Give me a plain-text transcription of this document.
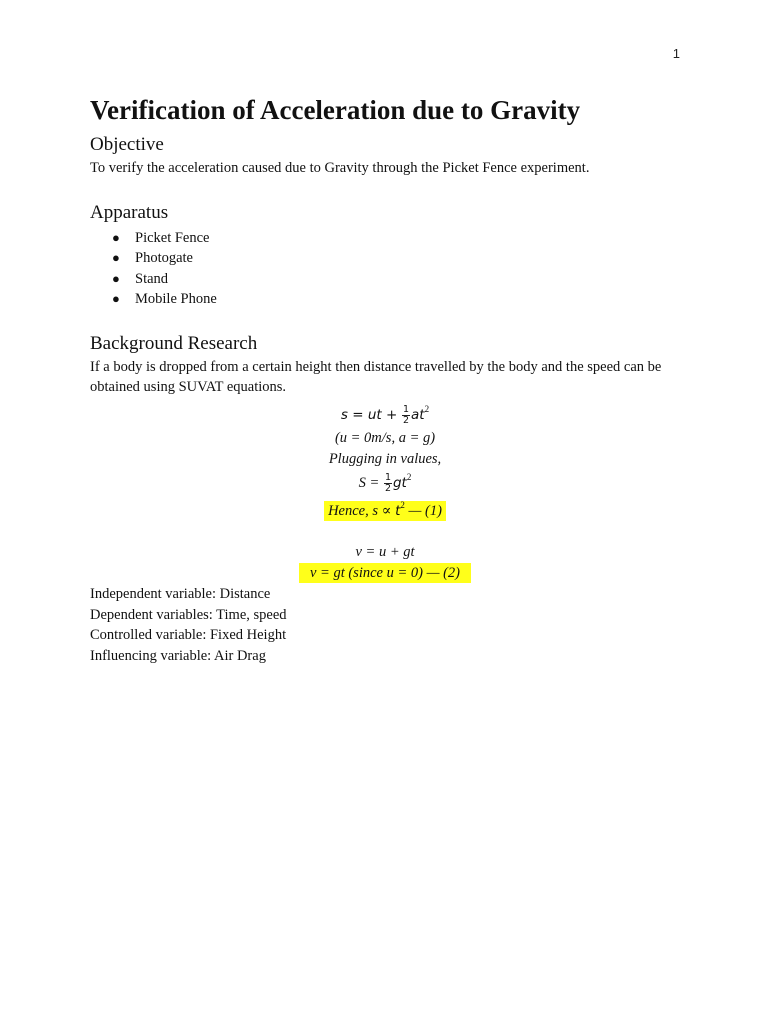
1
Verification of Acceleration due to Gravity
Objective

To verify the acceleration caused due to Gravity through the Picket Fence experiment.

Apparatus
● Picket Fence
● Photogate
● Stand
● Mobile Phone
Background Research

If a body is dropped from a certain height then distance travelled by the body and the speed can be obtained using SUVAT equations.

s = ut + $\frac{1}{2} at^2$
(u = 0m/s, a = g)
Plugging in values,
$S = \frac{1}{2} gt^2$
Hence, $s \propto t^2$ — (1)
v = u + gt
v = gt (since u = 0) — (2)

Independent variable: Distance

Dependent variables: Time, speed

Controlled variable: Fixed Height

Influencing variable: Air Drag
